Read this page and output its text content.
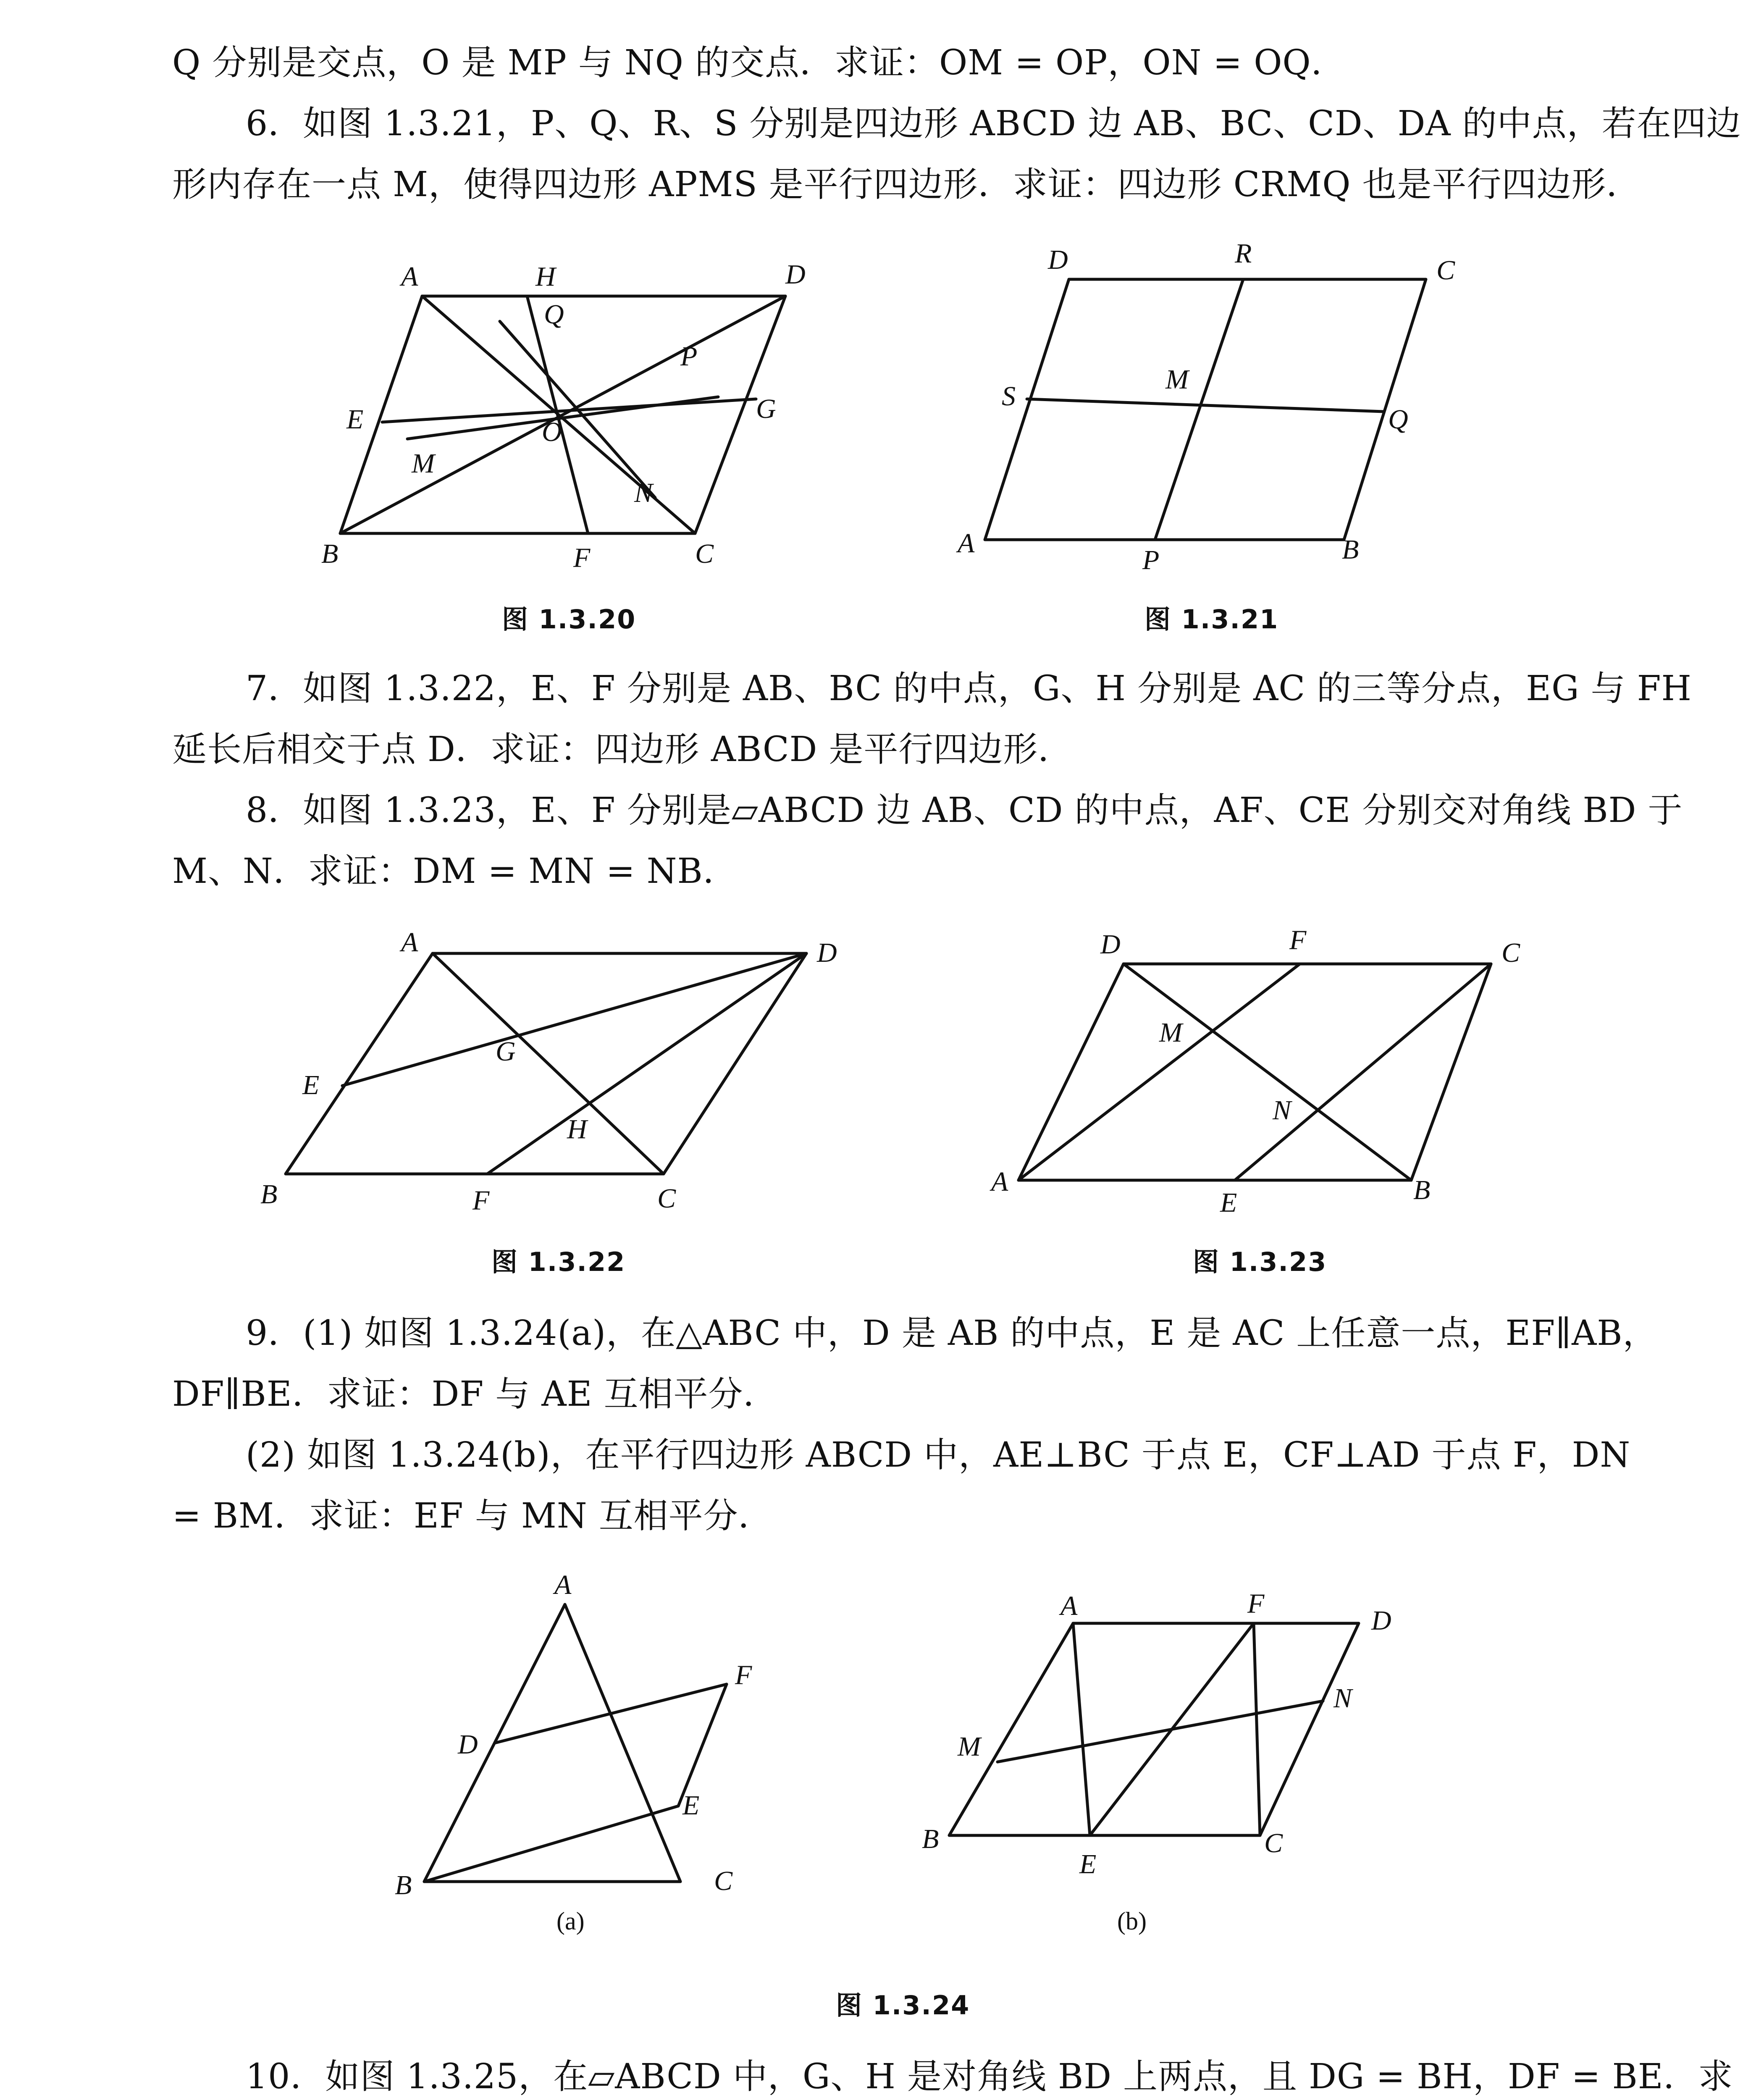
Q 分别是交点，O 是 MP 与 NQ 的交点．求证：OM = OP，ON = OQ．
6．如图 1.3.21，P、Q、R、S 分别是四边形 ABCD 边 AB、BC、CD、DA 的中点，若在四边
形内存在一点 M，使得四边形 APMS 是平行四边形．求证：四边形 CRMQ 也是平行四边形．
A	H	D
Q
P
G
E	O
M
N
B	F	C
图 1.3.20
D	R
C
S
M
Q
A
P	B
图 1.3.21
7．如图 1.3.22，E、F 分别是 AB、BC 的中点，G、H 分别是 AC 的三等分点，EG 与 FH
延长后相交于点 D．求证：四边形 ABCD 是平行四边形．
8．如图 1.3.23，E、F 分别是▱ABCD 边 AB、CD 的中点，AF、CE 分别交对角线 BD 于
M、N．求证：DM = MN = NB．
A	D
E
G
H
B	F	C
图 1.3.22
D	F	C
M
N
A
E	B
图 1.3.23
9．(1) 如图 1.3.24(a)，在△ABC 中，D 是 AB 的中点，E 是 AC 上任意一点，EF∥AB，
DF∥BE．求证：DF 与 AE 互相平分．
(2) 如图 1.3.24(b)，在平行四边形 ABCD 中，AE⊥BC 于点 E，CF⊥AD 于点 F，DN
= BM．求证：EF 与 MN 互相平分．
A
F
D
E
B	C
(a)
A	F
D
N
M
B
E
C
(b)
图 1.3.24
10．如图 1.3.25，在▱ABCD 中，G、H 是对角线 BD 上两点，且 DG = BH，DF = BE．求
